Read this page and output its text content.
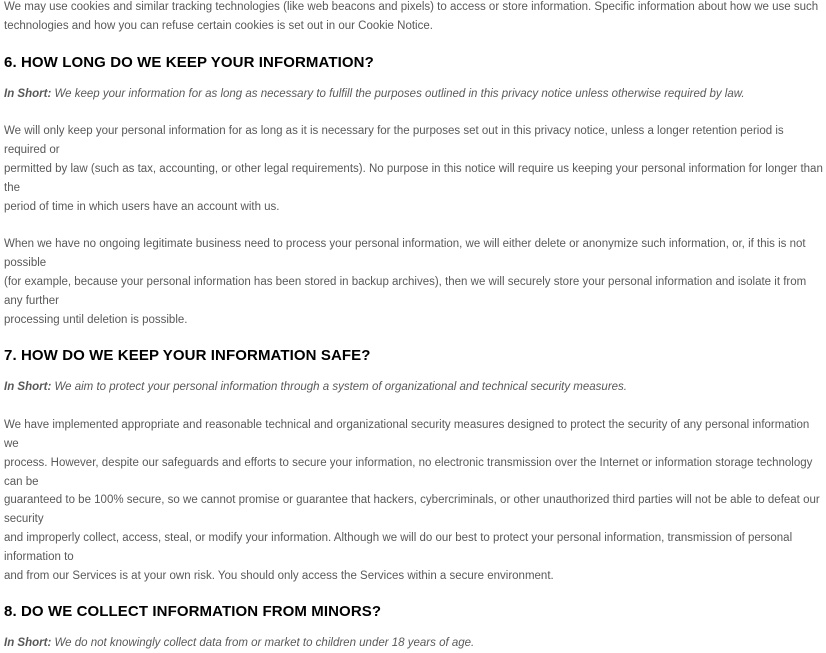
We may use cookies and similar tracking technologies (like web beacons and pixels) to access or store information. Specific information about how we use such
technologies and how you can refuse certain cookies is set out in our Cookie Notice.

6. HOW LONG DO WE KEEP YOUR INFORMATION?

In Short: We keep your information for as long as necessary to fulfill the purposes outlined in this privacy notice unless otherwise required by law.

We will only keep your personal information for as long as it is necessary for the purposes set out in this privacy notice, unless a longer retention period is required or
permitted by law (such as tax, accounting, or other legal requirements). No purpose in this notice will require us keeping your personal information for longer than the
period of time in which users have an account with us.

When we have no ongoing legitimate business need to process your personal information, we will either delete or anonymize such information, or, if this is not possible
(for example, because your personal information has been stored in backup archives), then we will securely store your personal information and isolate it from any further
processing until deletion is possible.

7. HOW DO WE KEEP YOUR INFORMATION SAFE?

In Short: We aim to protect your personal information through a system of organizational and technical security measures.

We have implemented appropriate and reasonable technical and organizational security measures designed to protect the security of any personal information we
process. However, despite our safeguards and efforts to secure your information, no electronic transmission over the Internet or information storage technology can be
guaranteed to be 100% secure, so we cannot promise or guarantee that hackers, cybercriminals, or other unauthorized third parties will not be able to defeat our security
and improperly collect, access, steal, or modify your information. Although we will do our best to protect your personal information, transmission of personal information to
and from our Services is at your own risk. You should only access the Services within a secure environment.

8. DO WE COLLECT INFORMATION FROM MINORS?

In Short: We do not knowingly collect data from or market to children under 18 years of age.
